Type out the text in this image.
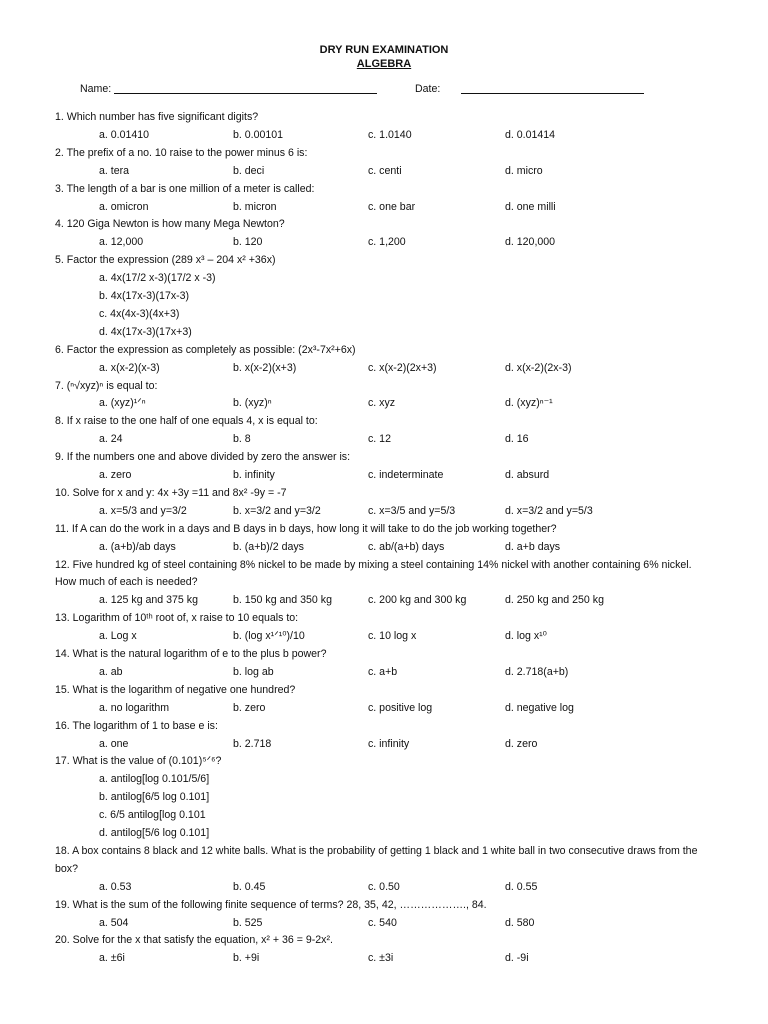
DRY RUN EXAMINATION
ALGEBRA
Name:	Date:
1. Which number has five significant digits?
a. 0.01410	b. 0.00101	c. 1.0140	d. 0.01414
2. The prefix of a no. 10 raise to the power minus 6 is:
a. tera	b. deci	c. centi	d. micro
3. The length of a bar is one million of a meter is called:
a. omicron	b. micron	c. one bar	d. one milli
4. 120 Giga Newton is how many Mega Newton?
a. 12,000	b. 120	c. 1,200	d. 120,000
5. Factor the expression (289 x³ – 204 x² +36x)
a. 4x(17/2 x-3)(17/2 x -3)
b. 4x(17x-3)(17x-3)
c. 4x(4x-3)(4x+3)
d. 4x(17x-3)(17x+3)
6. Factor the expression as completely as possible: (2x³-7x²+6x)
a. x(x-2)(x-3)	b. x(x-2)(x+3)	c. x(x-2)(2x+3)	d. x(x-2)(2x-3)
7. (ⁿ√xyz)ⁿ is equal to:
a. (xyz)¹ᐟⁿ	b. (xyz)ⁿ	c. xyz	d. (xyz)ⁿ⁻¹
8. If x raise to the one half of one equals 4, x is equal to:
a. 24	b. 8	c. 12	d. 16
9. If the numbers one and above divided by zero the answer is:
a. zero	b. infinity	c. indeterminate	d. absurd
10. Solve for x and y: 4x +3y =11 and 8x² -9y = -7
a. x=5/3 and y=3/2	b. x=3/2 and y=3/2	c. x=3/5 and y=5/3	d. x=3/2 and y=5/3
11. If A can do the work in a days and B days in b days, how long it will take to do the job working together?
a. (a+b)/ab days	b. (a+b)/2 days	c. ab/(a+b) days	d. a+b days
12. Five hundred kg of steel containing 8% nickel to be made by mixing a steel containing 14% nickel with another containing 6% nickel. How much of each is needed?
a. 125 kg and 375 kg	b. 150 kg and 350 kg	c. 200 kg and 300 kg	d. 250 kg and 250 kg
13. Logarithm of 10ᵗʰ root of, x raise to 10 equals to:
a. Log x	b. (log x¹ᐟ¹⁰)/10	c. 10 log x	d. log x¹⁰
14. What is the natural logarithm of e to the plus b power?
a. ab	b. log ab	c. a+b	d. 2.718(a+b)
15. What is the logarithm of negative one hundred?
a. no logarithm	b. zero	c. positive log	d. negative log
16. The logarithm of 1 to base e is:
a. one	b. 2.718	c. infinity	d. zero
17. What is the value of (0.101)⁵ᐟ⁶?
a. antilog[log 0.101/5/6]
b. antilog[6/5 log 0.101]
c. 6/5 antilog[log 0.101
d. antilog[5/6 log 0.101]
18. A box contains 8 black and 12 white balls. What is the probability of getting 1 black and 1 white ball in two consecutive draws from the box?
a. 0.53	b. 0.45	c. 0.50	d. 0.55
19. What is the sum of the following finite sequence of terms? 28, 35, 42, ………………., 84.
a. 504	b. 525	c. 540	d. 580
20. Solve for the x that satisfy the equation, x² + 36 = 9-2x².
a. ±6i	b. +9i	c. ±3i	d. -9i
